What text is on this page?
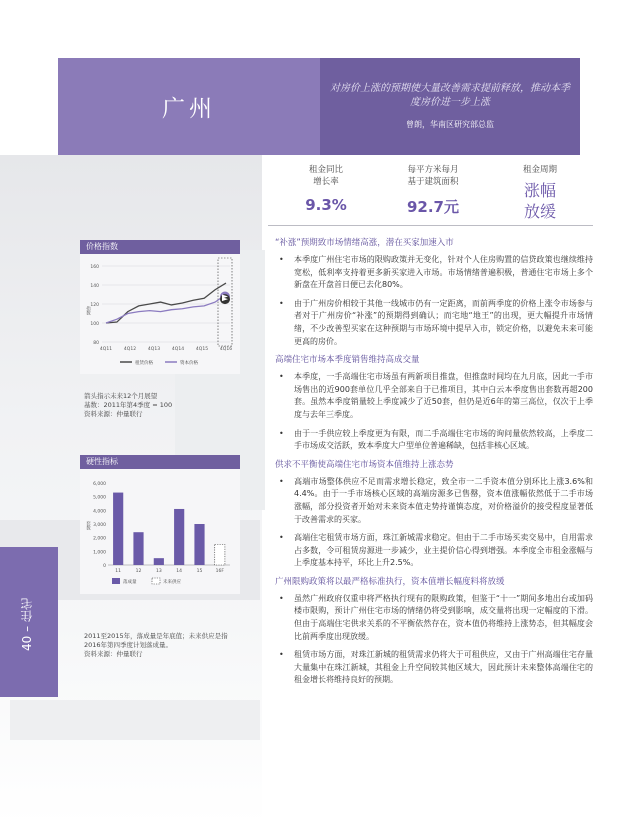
广州
对房价上涨的预期使大量改善需求提前释放，推动本季度房价进一步上涨
曾朗，华南区研究部总监
40 – 住宅
租金同比
增长率
9.3%
每平方米每月
基于建筑面积
92.7元
租金周期
涨幅
放缓
价格指数
80
100
120
140
160
指数
4Q11	4Q12	4Q13	4Q14	4Q15	4Q16
租赁价格	资本价格
箭头指示未来12个月展望
基数：2011年第4季度 = 100
资料来源：仲量联行
硬性指标
0
1,000
2,000
3,000
4,000
5,000
6,000
套数
11	12	13	14	15	16F
落成量	未来供应
2011至2015年，落成量是年底值；未来供应是指2016年第四季度计划落成量。
资料来源：仲量联行
“补涨”预期致市场情绪高涨，潜在买家加速入市
• 本季度广州住宅市场的限购政策并无变化，针对个人住房购置的信贷政策也继续维持宽松，低利率支持着更多新买家进入市场。市场情绪普遍积极，普通住宅市场上多个新盘在开盘首日便已去化80%。
• 由于广州房价相较于其他一线城市仍有一定距离，而前两季度的价格上涨令市场参与者对于广州房价“补涨”的预期得到确认；而宅地“地王”的出现，更大幅提升市场情绪，不少改善型买家在这种预期与市场环境中提早入市，锁定价格，以避免未来可能更高的房价。
高端住宅市场本季度销售维持高成交量
• 本季度，一手高端住宅市场虽有两新项目推盘，但推盘时间均在九月底，因此一手市场售出的近900套单位几乎全部来自于已推项目，其中白云本季度售出套数再超200套。虽然本季度销量较上季度减少了近50套，但仍是近6年的第三高位，仅次于上季度与去年三季度。
• 由于一手供应较上季度更为有限，而二手高端住宅市场的询问量依然较高，上季度二手市场成交活跃，致本季度大户型单位普遍稀缺，包括非核心区域。
供求不平衡使高端住宅市场资本值维持上涨态势
• 高端市场整体供应不足而需求增长稳定，致全市一二手资本值分别环比上涨3.6%和4.4%。由于一手市场核心区域的高端房源多已售罄，资本值涨幅依然低于二手市场涨幅，部分投资者开始对未来资本值走势持谨慎态度，对价格溢价的接受程度显著低于改善需求的买家。
• 高端住宅租赁市场方面，珠江新城需求稳定。但由于二手市场买卖交易中，自用需求占多数，令可租赁房源进一步减少，业主提价信心得到增强。本季度全市租金涨幅与上季度基本持平，环比上升2.5%。
广州限购政策将以最严格标准执行，资本值增长幅度料将放缓
• 虽然广州政府仅重申将严格执行现有的限购政策，但鉴于“十一”期间多地出台或加码楼市限购，预计广州住宅市场的情绪仍将受到影响，成交量将出现一定幅度的下滑。但由于高端住宅供求关系的不平衡依然存在，资本值仍将维持上涨势态，但其幅度会比前两季度出现放缓。
• 租赁市场方面，对珠江新城的租赁需求仍将大于可租供应，又由于广州高端住宅存量大量集中在珠江新城，其租金上升空间较其他区域大，因此预计未来整体高端住宅的租金增长将维持良好的预期。
